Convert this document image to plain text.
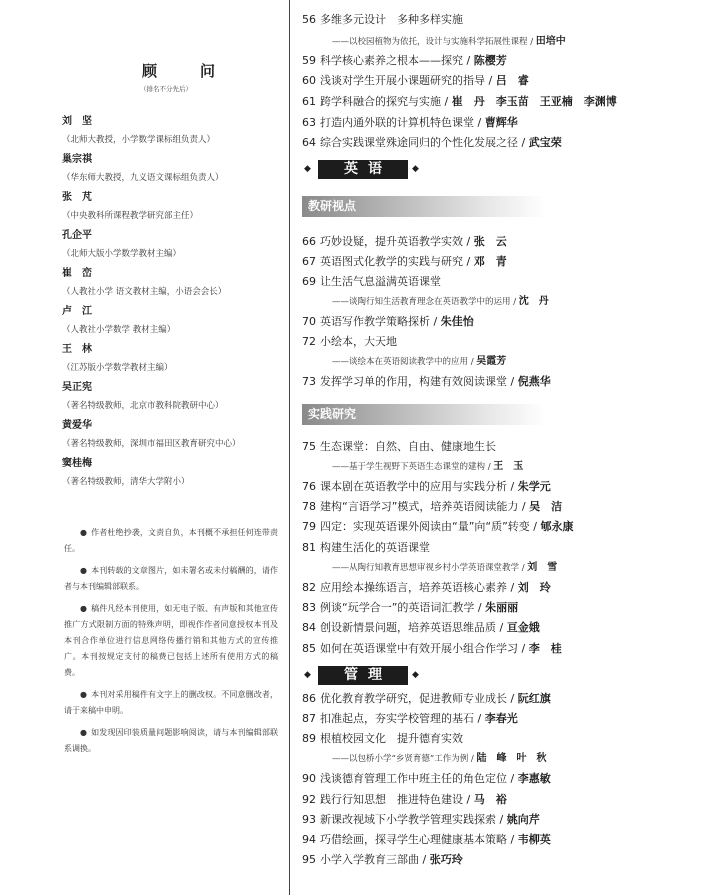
顾　问
（排名不分先后）
刘　坚
（北师大教授，小学数学课标组负责人）
巢宗祺
（华东师大教授，九义语文课标组负责人）
张　芃
（中央教科所课程教学研究部主任）
孔企平
（北师大版小学数学教材主编）
崔　峦
（人教社小学 语文教材主编，小语会会长）
卢　江
（人教社小学数学 教材主编）
王　林
（江苏版小学数学教材主编）
吴正宪
（著名特级教师，北京市教科院教研中心）
黄爱华
（著名特级教师，深圳市福田区教育研究中心）
窦桂梅
（著名特级教师，清华大学附小）

● 作者杜绝抄袭，文责自负，本刊概不承担任何连带责任。

● 本刊转载的文章图片，如未署名或未付稿酬的，请作者与本刊编辑部联系。

● 稿件凡经本刊使用，如无电子版、有声版和其他宣传推广方式限制方面的特殊声明，即视作作者同意授权本刊及本刊合作单位进行信息网络传播行销和其他方式的宣传推广。本刊按规定支付的稿费已包括上述所有使用方式的稿费。

● 本刊对采用稿件有文字上的删改权。不同意删改者，请于来稿中申明。

● 如发现因印装质量问题影响阅读，请与本刊编辑部联系调换。

56 多维多元设计　多种多样实施
——以校园植物为依托，设计与实施科学拓展性课程 / 田培中
59 科学核心素养之根本——探究 / 陈樱芳
60 浅谈对学生开展小课题研究的指导 / 吕　睿
61 跨学科融合的探究与实施 / 崔　丹　李玉苗　王亚楠　李渊博
63 打造内通外联的计算机特色课堂 / 曹辉华
64 综合实践课堂殊途同归的个性化发展之径 / 武宝荣
◆	英语	◆
教研视点
66 巧妙设疑，提升英语教学实效 / 张　云
67 英语图式化教学的实践与研究 / 邓　青
69 让生活气息溢满英语课堂
——谈陶行知生活教育理念在英语教学中的运用 / 沈　丹
70 英语写作教学策略探析 / 朱佳怡
72 小绘本，大天地
——谈绘本在英语阅读教学中的应用 / 吴霞芳
73 发挥学习单的作用，构建有效阅读课堂 / 倪燕华
实践研究
75 生态课堂：自然、自由、健康地生长
——基于学生视野下英语生态课堂的建构 / 王　玉
76 课本剧在英语教学中的应用与实践分析 / 朱学元
78 建构“言语学习”模式，培养英语阅读能力 / 吴　洁
79 四定：实现英语课外阅读由“量”向“质”转变 / 郇永康
81 构建生活化的英语课堂
——从陶行知教育思想审视乡村小学英语课堂教学 / 刘　雪
82 应用绘本操练语言，培养英语核心素养 / 刘　玲
83 例谈“玩学合一”的英语词汇教学 / 朱丽丽
84 创设新情景问题，培养英语思维品质 / 亘金娥
85 如何在英语课堂中有效开展小组合作学习 / 李　桂
◆	管理	◆
86 优化教育教学研究，促进教师专业成长 / 阮红旗
87 扣准起点，夯实学校管理的基石 / 李春光
89 根植校园文化　提升德育实效
——以包桥小学“乡贤育德”工作为例 / 陆　峰　叶　秋
90 浅谈德育管理工作中班主任的角色定位 / 李惠敏
92 践行行知思想　推进特色建设 / 马　裕
93 新课改视域下小学教学管理实践探索 / 姚向芹
94 巧借绘画，探寻学生心理健康基本策略 / 韦柳英
95 小学入学教育三部曲 / 张巧玲
